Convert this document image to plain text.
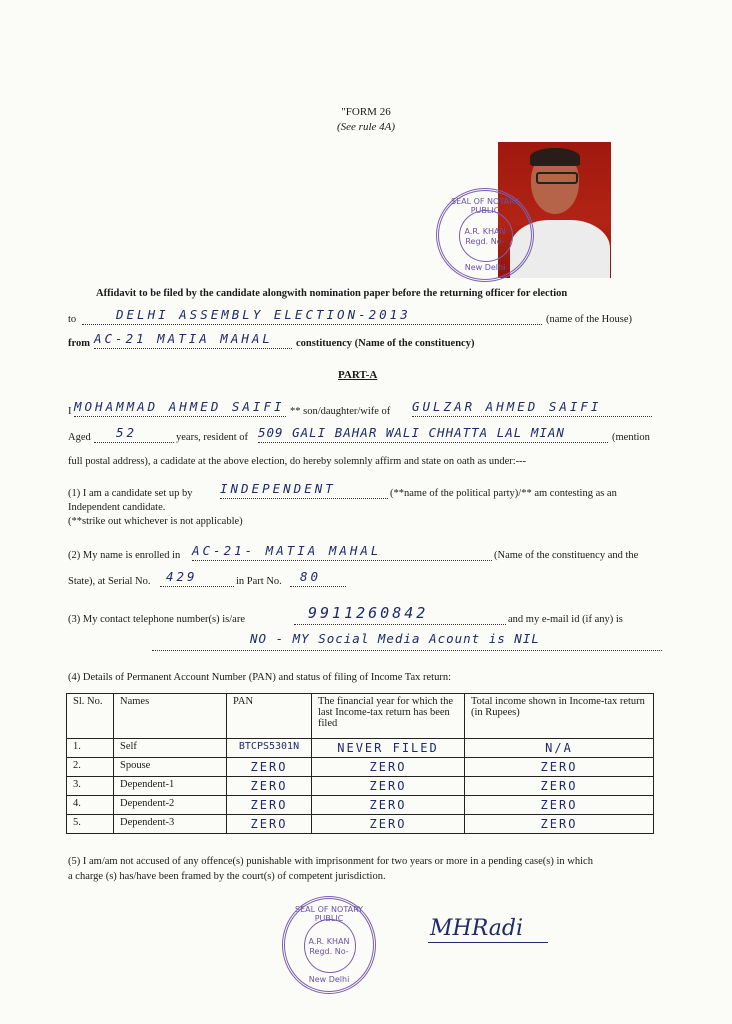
"FORM 26
(See rule 4A)
SEAL OF NOTARY PUBLIC
A.R. KHAN
Regd. No-
New Delhi
Affidavit to be filed by the candidate alongwith nomination paper before the returning officer for election
to	DELHI ASSEMBLY ELECTION-2013	(name of the House)
from AC-21 MATIA MAHAL	constituency (Name of the constituency)
PART-A
I MOHAMMAD AHMED SAIFI ** son/daughter/wife of GULZAR AHMED SAIFI
Aged	52	years, resident of 509 GALI BAHAR WALI CHHATTA LAL MIAN	(mention
full postal address), a cadidate at the above election, do hereby solemnly affirm and state on oath as under:---
(1) I am a candidate set up by INDEPENDENT	(**name of the political party)/** am contesting as an
Independent candidate.
(**strike out whichever is not applicable)
(2) My name is enrolled in AC-21- MATIA MAHAL	(Name of the constituency and the
State), at Serial No.	429	in Part No.	80
(3) My contact telephone number(s) is/are	9911260842	and my e-mail id (if any) is
NO - MY Social Media Acount is NIL
(4) Details of Permanent Account Number (PAN) and status of filing of Income Tax return:
Sl. No.	Names	PAN	The financial year for which the last Income-tax return has been filed	Total income shown in Income-tax return (in Rupees)
1.	Self	BTCPS5301N	NEVER FILED	N/A
2.	Spouse	ZERO	ZERO	ZERO
3.	Dependent-1	ZERO	ZERO	ZERO
4.	Dependent-2	ZERO	ZERO	ZERO
5.	Dependent-3	ZERO	ZERO	ZERO
(5) I am/am not accused of any offence(s) punishable with imprisonment for two years or more in a pending case(s) in which
a charge (s) has/have been framed by the court(s) of competent jurisdiction.
SEAL OF NOTARY PUBLIC
A.R. KHAN
Regd. No-
New Delhi
MHRadi
